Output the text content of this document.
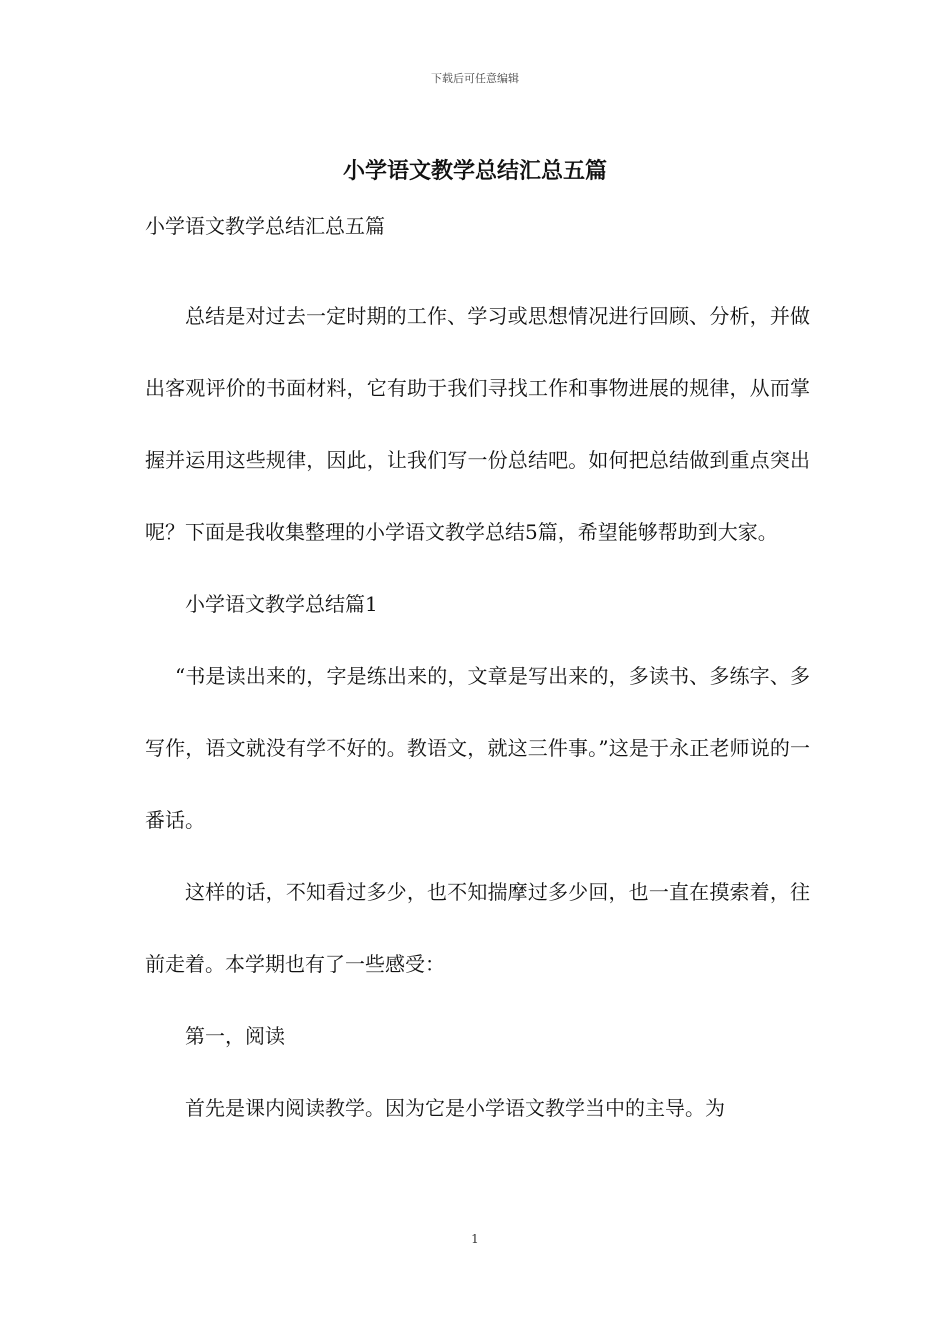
下载后可任意编辑
小学语文教学总结汇总五篇

小学语文教学总结汇总五篇

总结是对过去一定时期的工作、学习或思想情况进行回顾、分析，并做出客观评价的书面材料，它有助于我们寻找工作和事物进展的规律，从而掌握并运用这些规律，因此，让我们写一份总结吧。如何把总结做到重点突出呢？下面是我收集整理的小学语文教学总结5篇，希望能够帮助到大家。

小学语文教学总结篇1

“书是读出来的，字是练出来的，文章是写出来的，多读书、多练字、多写作，语文就没有学不好的。教语文，就这三件事。”这是于永正老师说的一番话。

这样的话，不知看过多少，也不知揣摩过多少回，也一直在摸索着，往前走着。本学期也有了一些感受：

第一，阅读

首先是课内阅读教学。因为它是小学语文教学当中的主导。为

1
